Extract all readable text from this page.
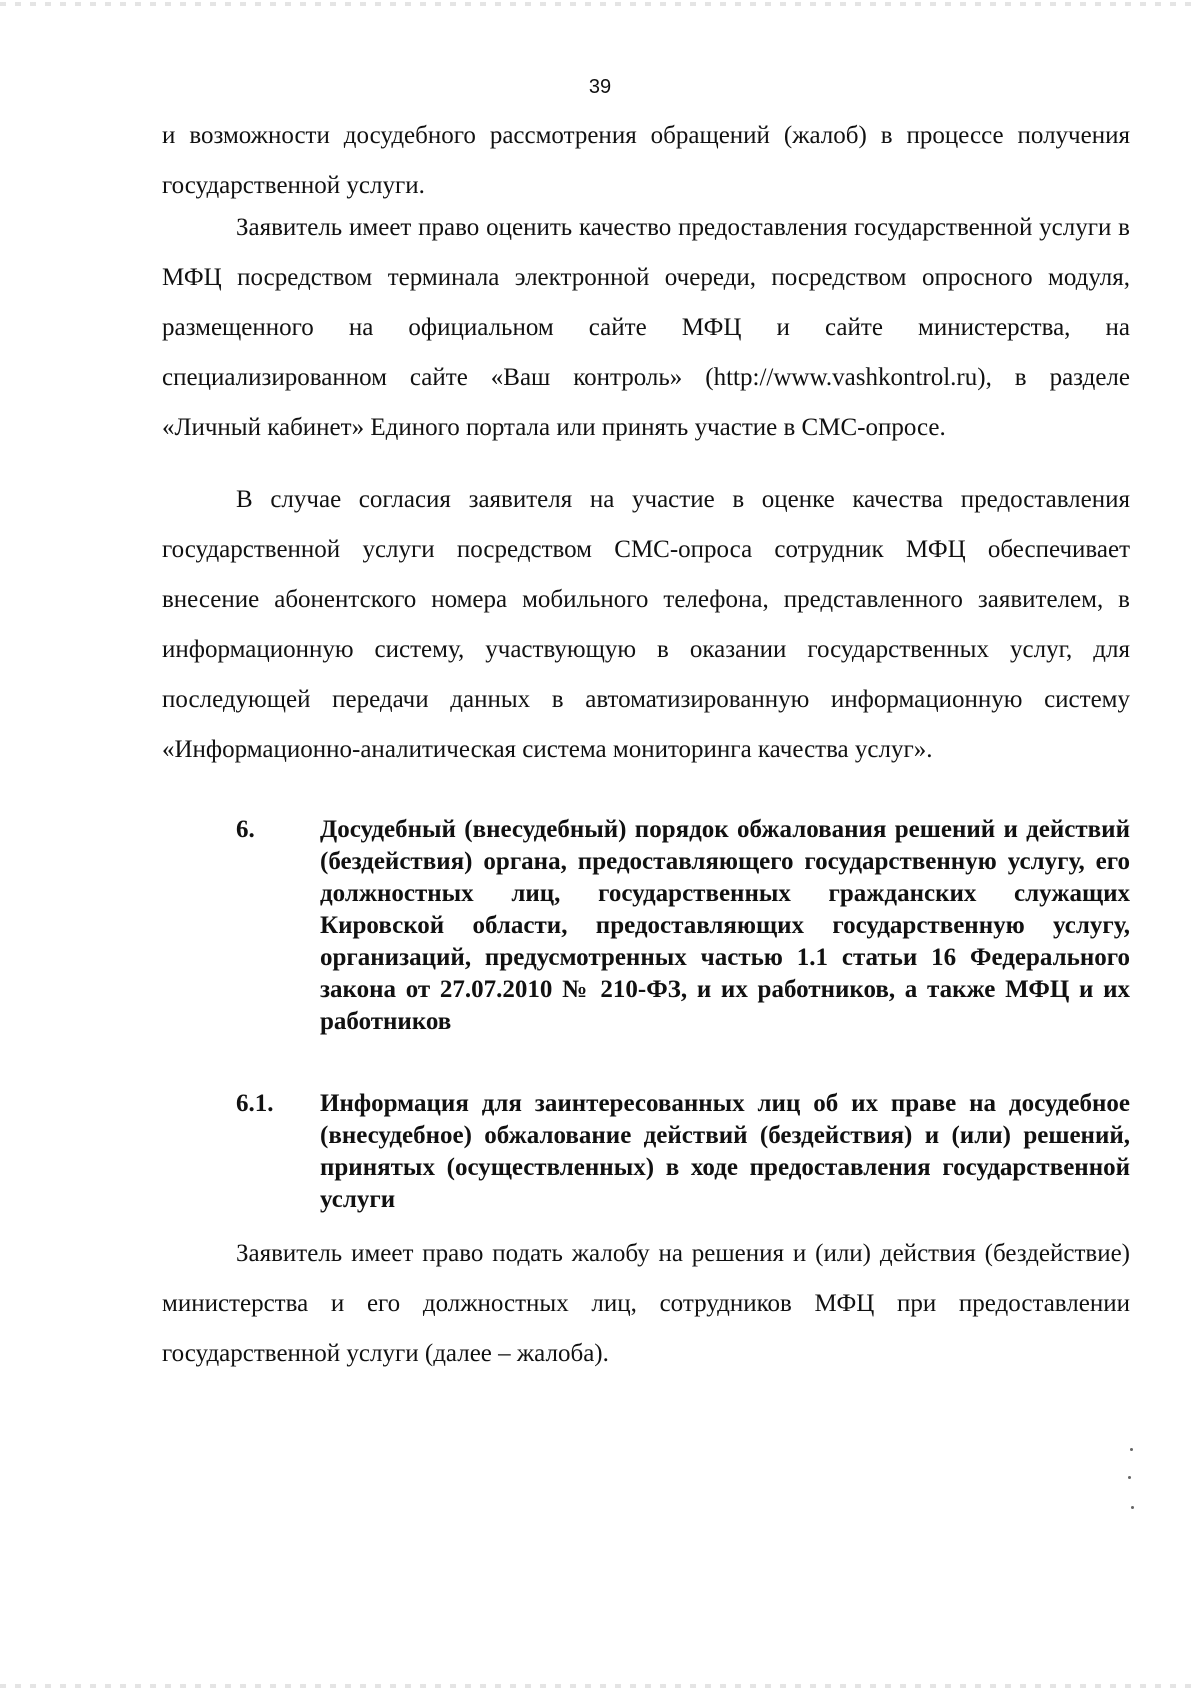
39

и возможности досудебного рассмотрения обращений (жалоб) в процессе получения государственной услуги.

Заявитель имеет право оценить качество предоставления государственной услуги в МФЦ посредством терминала электронной очереди, посредством опросного модуля, размещенного на официальном сайте МФЦ и сайте министерства, на специализированном сайте «Ваш контроль» (http://www.vashkontrol.ru), в разделе «Личный кабинет» Единого портала или принять участие в СМС-опросе.

В случае согласия заявителя на участие в оценке качества предоставления государственной услуги посредством СМС-опроса сотрудник МФЦ обеспечивает внесение абонентского номера мобильного телефона, представленного заявителем, в информационную систему, участвующую в оказании государственных услуг, для последующей передачи данных в автоматизированную информационную систему «Информационно-аналитическая система мониторинга качества услуг».

6.	Досудебный (внесудебный) порядок обжалования решений и действий (бездействия) органа, предоставляющего государственную услугу, его должностных лиц, государственных гражданских служащих Кировской области, предоставляющих государственную услугу, организаций, предусмотренных частью 1.1 статьи 16 Федерального закона от 27.07.2010 № 210-ФЗ, и их работников, а также МФЦ и их работников
6.1.	Информация для заинтересованных лиц об их праве на досудебное (внесудебное) обжалование действий (бездействия) и (или) решений, принятых (осуществленных) в ходе предоставления государственной услуги

Заявитель имеет право подать жалобу на решения и (или) действия (бездействие) министерства и его должностных лиц, сотрудников МФЦ при предоставлении государственной услуги (далее – жалоба).
